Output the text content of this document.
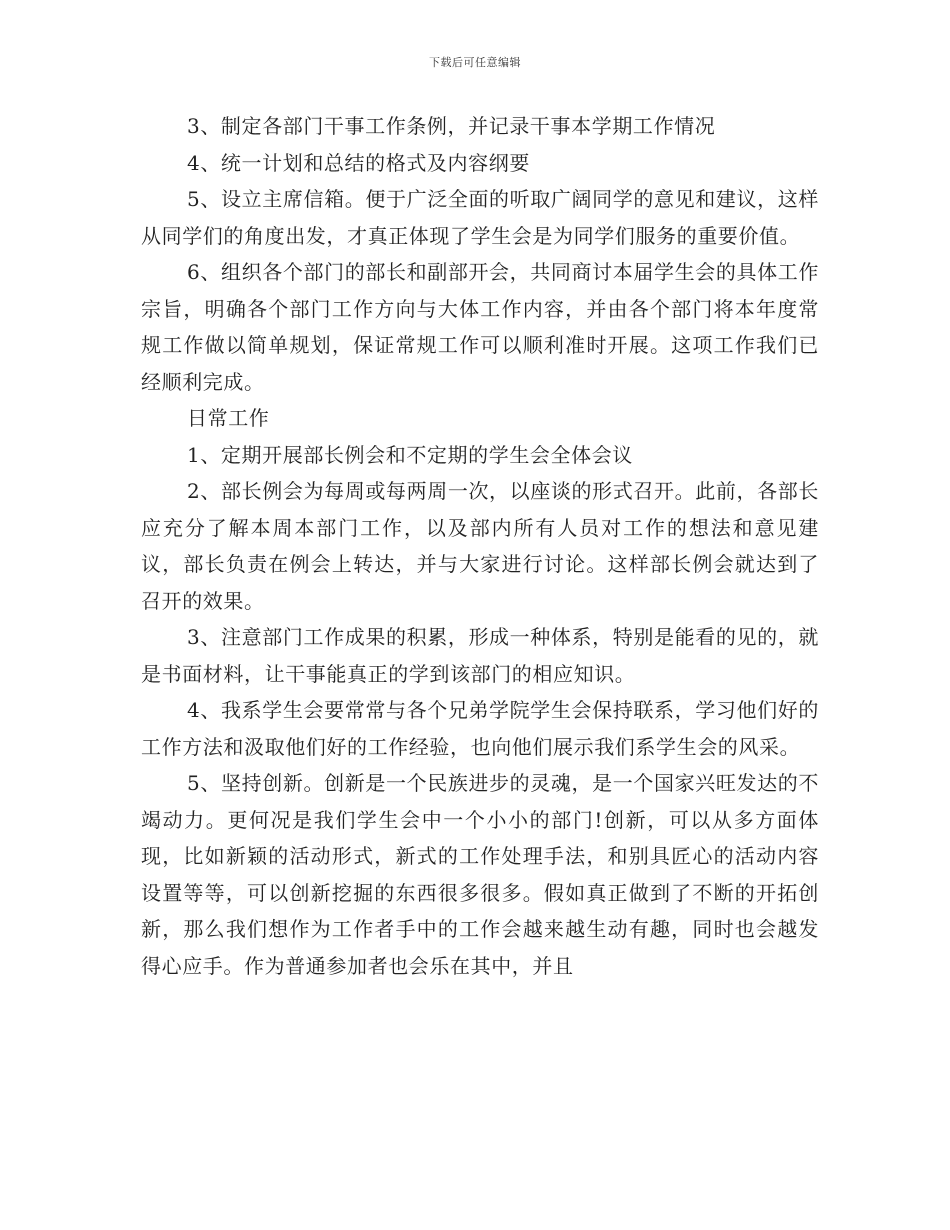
下载后可任意编辑

3、制定各部门干事工作条例，并记录干事本学期工作情况

4、统一计划和总结的格式及内容纲要

5、设立主席信箱。便于广泛全面的听取广阔同学的意见和建议，这样从同学们的角度出发，才真正体现了学生会是为同学们服务的重要价值。

6、组织各个部门的部长和副部开会，共同商讨本届学生会的具体工作宗旨，明确各个部门工作方向与大体工作内容，并由各个部门将本年度常规工作做以简单规划，保证常规工作可以顺利准时开展。这项工作我们已经顺利完成。

日常工作

1、定期开展部长例会和不定期的学生会全体会议

2、部长例会为每周或每两周一次，以座谈的形式召开。此前，各部长应充分了解本周本部门工作，以及部内所有人员对工作的想法和意见建议，部长负责在例会上转达，并与大家进行讨论。这样部长例会就达到了召开的效果。

3、注意部门工作成果的积累，形成一种体系，特别是能看的见的，就是书面材料，让干事能真正的学到该部门的相应知识。

4、我系学生会要常常与各个兄弟学院学生会保持联系，学习他们好的工作方法和汲取他们好的工作经验，也向他们展示我们系学生会的风采。

5、坚持创新。创新是一个民族进步的灵魂，是一个国家兴旺发达的不竭动力。更何况是我们学生会中一个小小的部门!创新，可以从多方面体现，比如新颖的活动形式，新式的工作处理手法，和别具匠心的活动内容设置等等，可以创新挖掘的东西很多很多。假如真正做到了不断的开拓创新，那么我们想作为工作者手中的工作会越来越生动有趣，同时也会越发得心应手。作为普通参加者也会乐在其中，并且
